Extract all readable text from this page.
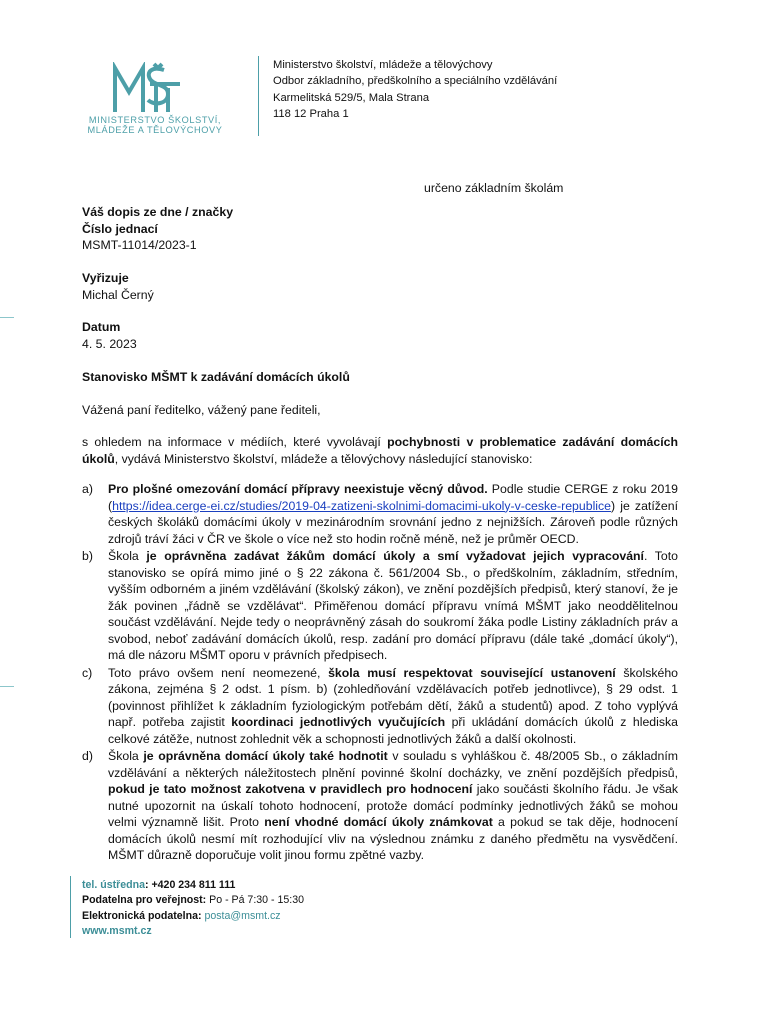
MINISTERSTVO ŠKOLSTVÍ,
MLÁDEŽE A TĚLOVÝCHOVY
Ministerstvo školství, mládeže a tělovýchovy
Odbor základního, předškolního a speciálního vzdělávání
Karmelitská 529/5, Mala Strana
118 12 Praha 1
určeno základním školám
Váš dopis ze dne / značky
Číslo jednací
MSMT-11014/2023-1
Vyřizuje
Michal Černý
Datum
4. 5. 2023
Stanovisko MŠMT k zadávání domácích úkolů
Vážená paní ředitelko, vážený pane řediteli,
s ohledem na informace v médiích, které vyvolávají pochybnosti v problematice zadávání domácích úkolů, vydává Ministerstvo školství, mládeže a tělovýchovy následující stanovisko:
a) Pro plošné omezování domácí přípravy neexistuje věcný důvod. Podle studie CERGE z roku 2019 (https://idea.cerge-ei.cz/studies/2019-04-zatizeni-skolnimi-domacimi-ukoly-v-ceske-republice) je zatížení českých školáků domácími úkoly v mezinárodním srovnání jedno z nejnižších. Zároveň podle různých zdrojů tráví žáci v ČR ve škole o více než sto hodin ročně méně, než je průměr OECD.
b) Škola je oprávněna zadávat žákům domácí úkoly a smí vyžadovat jejich vypracování. Toto stanovisko se opírá mimo jiné o § 22 zákona č. 561/2004 Sb., o předškolním, základním, středním, vyšším odborném a jiném vzdělávání (školský zákon), ve znění pozdějších předpisů, který stanoví, že je žák povinen „řádně se vzdělávat“. Přiměřenou domácí přípravu vnímá MŠMT jako neoddělitelnou součást vzdělávání. Nejde tedy o neoprávněný zásah do soukromí žáka podle Listiny základních práv a svobod, neboť zadávání domácích úkolů, resp. zadání pro domácí přípravu (dále také „domácí úkoly“), má dle názoru MŠMT oporu v právních předpisech.
c) Toto právo ovšem není neomezené, škola musí respektovat související ustanovení školského zákona, zejména § 2 odst. 1 písm. b) (zohledňování vzdělávacích potřeb jednotlivce), § 29 odst. 1 (povinnost přihlížet k základním fyziologickým potřebám dětí, žáků a studentů) apod. Z toho vyplývá např. potřeba zajistit koordinaci jednotlivých vyučujících při ukládání domácích úkolů z hlediska celkové zátěže, nutnost zohlednit věk a schopnosti jednotlivých žáků a další okolnosti.
d) Škola je oprávněna domácí úkoly také hodnotit v souladu s vyhláškou č. 48/2005 Sb., o základním vzdělávání a některých náležitostech plnění povinné školní docházky, ve znění pozdějších předpisů, pokud je tato možnost zakotvena v pravidlech pro hodnocení jako součásti školního řádu. Je však nutné upozornit na úskalí tohoto hodnocení, protože domácí podmínky jednotlivých žáků se mohou velmi významně lišit. Proto není vhodné domácí úkoly známkovat a pokud se tak děje, hodnocení domácích úkolů nesmí mít rozhodující vliv na výslednou známku z daného předmětu na vysvědčení. MŠMT důrazně doporučuje volit jinou formu zpětné vazby.
tel. ústředna: +420 234 811 111
Podatelna pro veřejnost: Po - Pá 7:30 - 15:30
Elektronická podatelna: posta@msmt.cz
www.msmt.cz
